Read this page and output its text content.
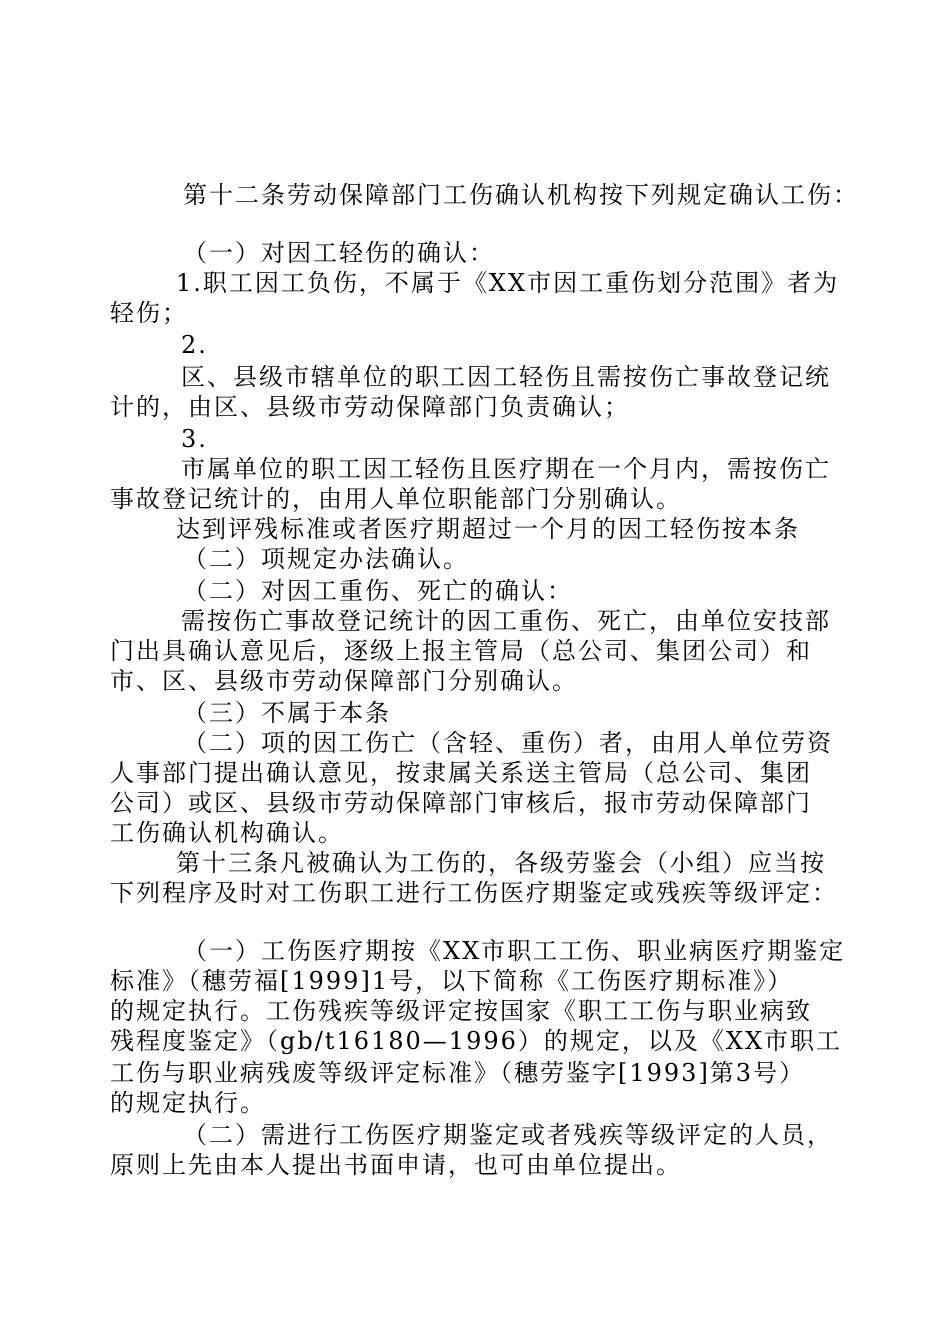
第十二条劳动保障部门工伤确认机构按下列规定确认工伤：
（一）对因工轻伤的确认：
1.职工因工负伤，不属于《XX市因工重伤划分范围》者为
轻伤；
2.
区、县级市辖单位的职工因工轻伤且需按伤亡事故登记统
计的，由区、县级市劳动保障部门负责确认；
3.
市属单位的职工因工轻伤且医疗期在一个月内，需按伤亡
事故登记统计的，由用人单位职能部门分别确认。
达到评残标准或者医疗期超过一个月的因工轻伤按本条
（二）项规定办法确认。
（二）对因工重伤、死亡的确认：
需按伤亡事故登记统计的因工重伤、死亡，由单位安技部
门出具确认意见后，逐级上报主管局（总公司、集团公司）和
市、区、县级市劳动保障部门分别确认。
（三）不属于本条
（二）项的因工伤亡（含轻、重伤）者，由用人单位劳资
人事部门提出确认意见，按隶属关系送主管局（总公司、集团
公司）或区、县级市劳动保障部门审核后，报市劳动保障部门
工伤确认机构确认。
第十三条凡被确认为工伤的，各级劳鉴会（小组）应当按
下列程序及时对工伤职工进行工伤医疗期鉴定或残疾等级评定：
（一）工伤医疗期按《XX市职工工伤、职业病医疗期鉴定
标准》（穗劳福[1999]1号，以下简称《工伤医疗期标准》）
的规定执行。工伤残疾等级评定按国家《职工工伤与职业病致
残程度鉴定》（gb/t16180—1996）的规定，以及《XX市职工
工伤与职业病残废等级评定标准》（穗劳鉴字[1993]第3号）
的规定执行。
（二）需进行工伤医疗期鉴定或者残疾等级评定的人员，
原则上先由本人提出书面申请，也可由单位提出。
